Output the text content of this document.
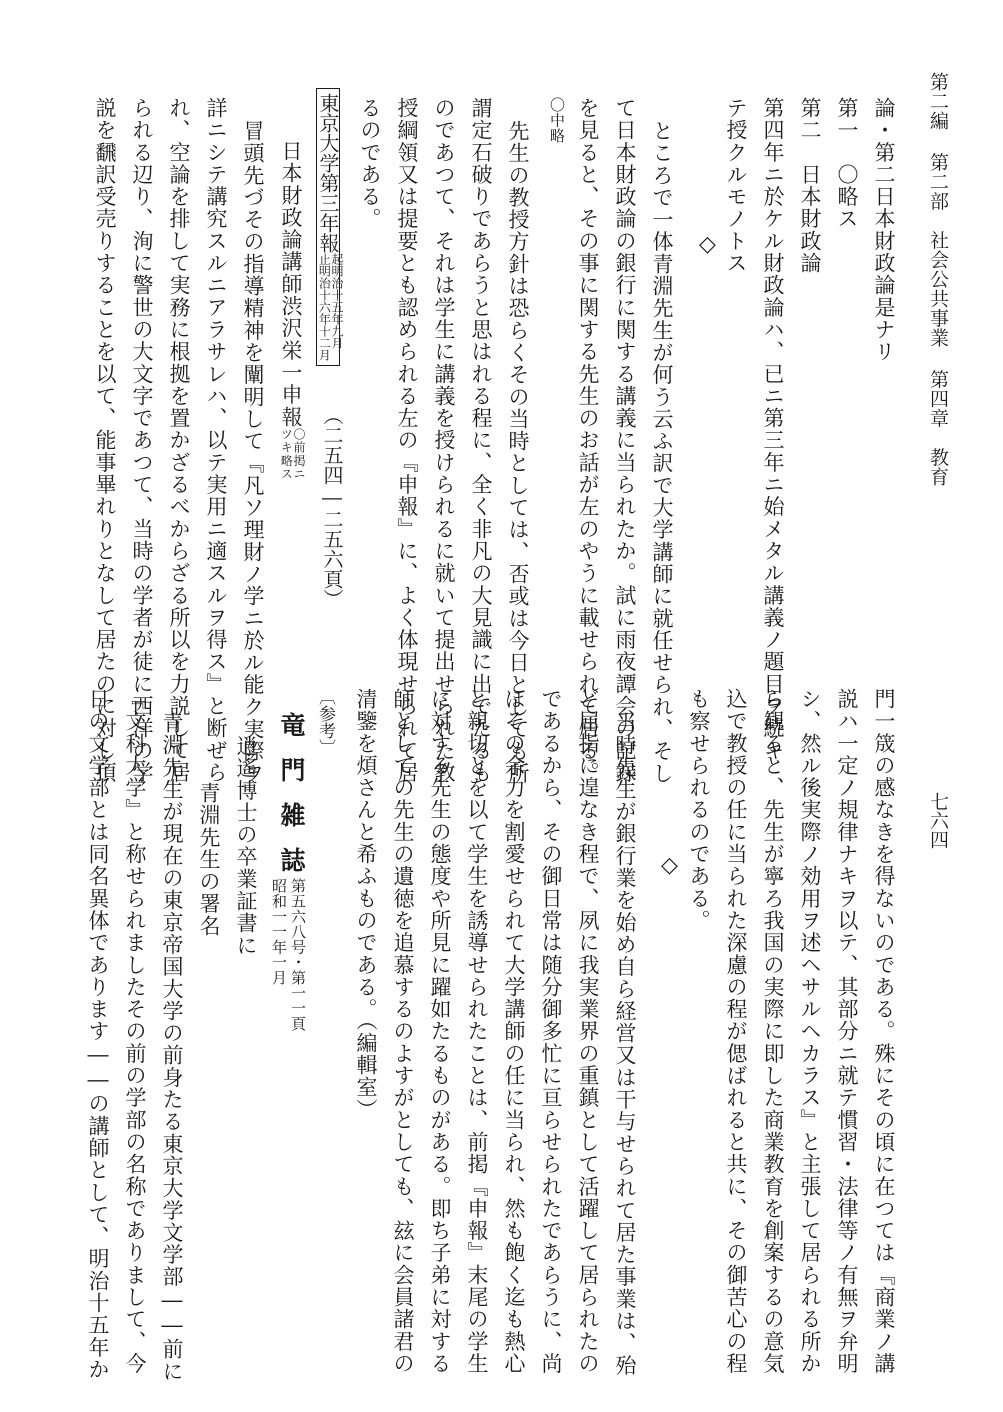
第二編第二部　社会公共事業第四章　教育
七六四
論・第二日本財政論是ナリ
第一　〇略ス
第二　日本財政論
第四年ニ於ケル財政論ハ、已ニ第三年ニ始メタル講義ノ題目ヲ続キ
テ授クルモノトス
◇
ところで一体青淵先生が何う云ふ訳で大学講師に就任せられ、そし
て日本財政論の銀行に関する講義に当られたか。試に雨夜譚会の記録
を見ると、その事に関する先生のお話が左のやうに載せられて居る。
〇中略
先生の教授方針は恐らくその当時としては、否或は今日としても所
謂定石破りであらうと思はれる程に、全く非凡の大見識に出でたるも
のであつて、それは学生に講義を授けられるに就いて提出せられた教
授綱領又は提要とも認められる左の『申報』に、よく体現せられて居
るのである。
東京大学第三年報
起明治十五年九月
止明治十六年十二月
（二五四―二五六頁）
日本財政論講師渋沢栄一申報
〇前掲ニ
ツキ略ス
冒頭先づその指導精神を闡明して『凡ソ理財ノ学ニ於ル能ク実際ヲ
詳ニシテ講究スルニアラサレハ、以テ実用ニ適スルヲ得ス』と断ぜら
れ、空論を排して実務に根拠を置かざるべからざる所以を力説して居
られる辺り、洵に警世の大文字であつて、当時の学者が徒に西洋の学
説を飜訳受売りすることを以て、能事畢れりとなして居たのに対し頂
門一筬の感なきを得ないのである。殊にその頃に在つては『商業ノ講
説ハ一定ノ規律ナキヲ以テ、其部分ニ就テ慣習・法律等ノ有無ヲ弁明
シ、然ル後実際ノ効用ヲ述ヘサルヘカラス』と主張して居られる所か
ら観ると、先生が寧ろ我国の実際に即した商業教育を創案するの意気
込で教授の任に当られた深慮の程が偲ばれると共に、その御苦心の程
も察せられるのである。
◇
当時先生が銀行業を始め自ら経営又は干与せられて居た事業は、殆
ど屈指に遑なき程で、夙に我実業界の重鎮として活躍して居られたの
であるから、その御日常は随分御多忙に亘らせられたであらうに、尚
ほその余力を割愛せられて大学講師の任に当られ、然も飽く迄も熱心
と親切とを以て学生を誘導せられたことは、前掲『申報』末尾の学生
に対する先生の態度や所見に躍如たるものがある。即ち子弟に対する
師としての先生の遺徳を追慕するのよすがとしても、玆に会員諸君の
清鑒を煩さんと希ふものである。（編輯室）
〔参考〕
竜門雑誌
第五六八号・第一一頁
昭和一一年一月
逍遙博士の卒業証書に
青淵先生の署名
青淵先生が現在の東京帝国大学の前身たる東京大学文学部――前に
『文科大学』と称せられましたその前の学部の名称でありまして、今
日の文学部とは同名異体であります――の講師として、明治十五年か
